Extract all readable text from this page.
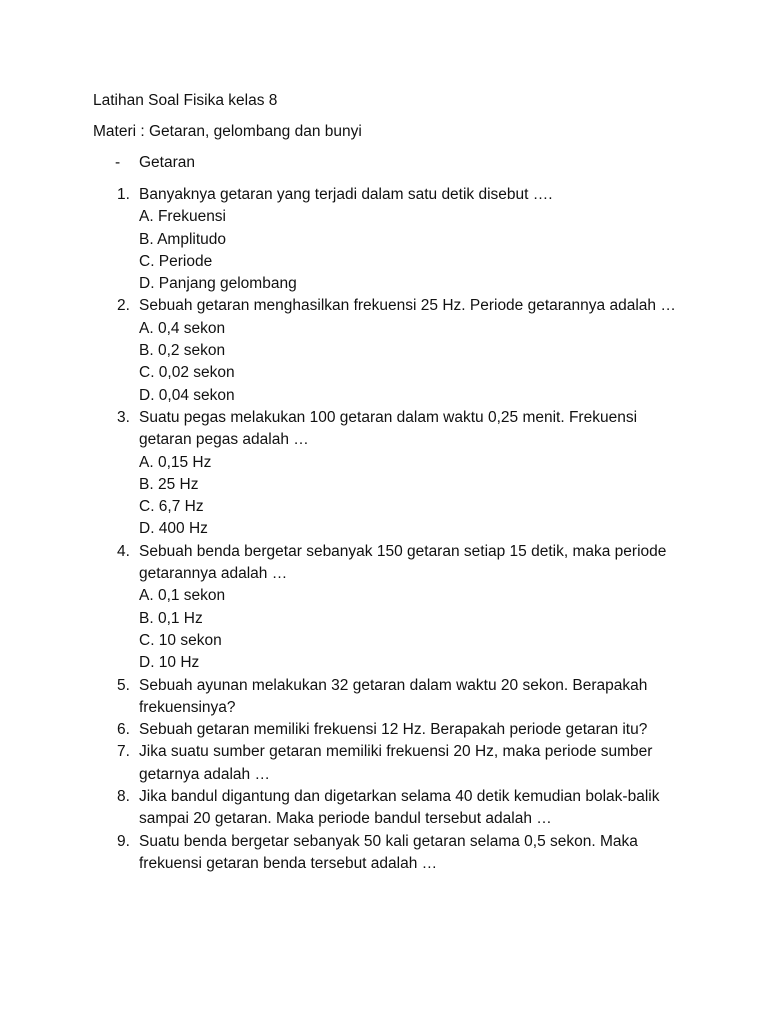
Latihan Soal Fisika kelas 8
Materi : Getaran, gelombang dan bunyi
- Getaran
1. Banyaknya getaran yang terjadi dalam satu detik disebut ….
A. Frekuensi
B. Amplitudo
C. Periode
D. Panjang gelombang
2. Sebuah getaran menghasilkan frekuensi 25 Hz. Periode getarannya adalah …
A. 0,4 sekon
B. 0,2 sekon
C. 0,02 sekon
D. 0,04 sekon
3. Suatu pegas melakukan 100 getaran dalam waktu 0,25 menit. Frekuensi getaran pegas adalah …
A. 0,15 Hz
B. 25 Hz
C. 6,7 Hz
D. 400 Hz
4. Sebuah benda bergetar sebanyak 150 getaran setiap 15 detik, maka periode getarannya adalah …
A. 0,1 sekon
B. 0,1 Hz
C. 10 sekon
D. 10 Hz
5. Sebuah ayunan melakukan 32 getaran dalam waktu 20 sekon. Berapakah frekuensinya?
6. Sebuah getaran memiliki frekuensi 12 Hz. Berapakah periode getaran itu?
7. Jika suatu sumber getaran memiliki frekuensi 20 Hz, maka periode sumber getarnya adalah …
8. Jika bandul digantung dan digetarkan selama 40 detik kemudian bolak-balik sampai 20 getaran. Maka periode bandul tersebut adalah …
9. Suatu benda bergetar sebanyak 50 kali getaran selama 0,5 sekon. Maka frekuensi getaran benda tersebut adalah …
